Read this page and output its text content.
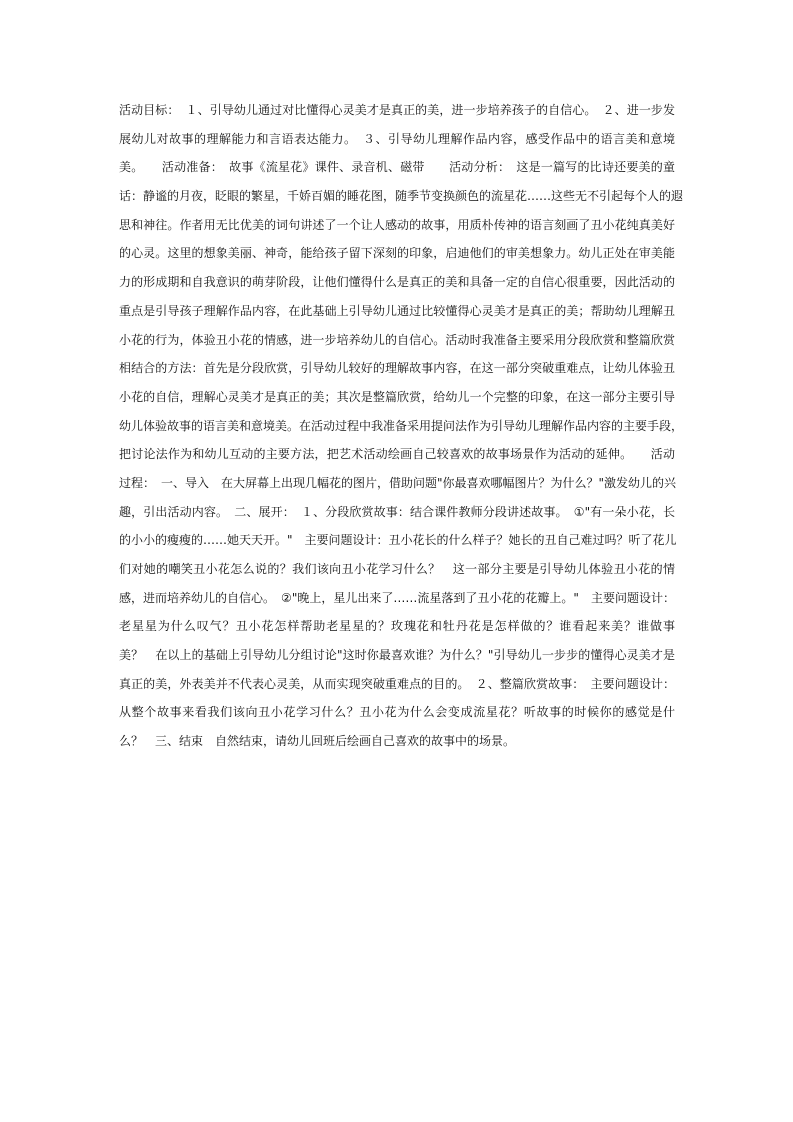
活动目标：　１、引导幼儿通过对比懂得心灵美才是真正的美，进一步培养孩子的自信心。　２、进一步发
展幼儿对故事的理解能力和言语表达能力。　３、引导幼儿理解作品内容，感受作品中的语言美和意境
美。　　活动准备：　故事《流星花》课件、录音机、磁带　　活动分析：　这是一篇写的比诗还要美的童
话：静谧的月夜，眨眼的繁星，千娇百媚的睡花图，随季节变换颜色的流星花……这些无不引起每个人的遐
思和神往。作者用无比优美的词句讲述了一个让人感动的故事，用质朴传神的语言刻画了丑小花纯真美好
的心灵。这里的想象美丽、神奇，能给孩子留下深刻的印象，启迪他们的审美想象力。幼儿正处在审美能
力的形成期和自我意识的萌芽阶段，让他们懂得什么是真正的美和具备一定的自信心很重要，因此活动的
重点是引导孩子理解作品内容，在此基础上引导幼儿通过比较懂得心灵美才是真正的美；帮助幼儿理解丑
小花的行为，体验丑小花的情感，进一步培养幼儿的自信心。活动时我准备主要采用分段欣赏和整篇欣赏
相结合的方法：首先是分段欣赏，引导幼儿较好的理解故事内容，在这一部分突破重难点，让幼儿体验丑
小花的自信，理解心灵美才是真正的美；其次是整篇欣赏，给幼儿一个完整的印象，在这一部分主要引导
幼儿体验故事的语言美和意境美。在活动过程中我准备采用提问法作为引导幼儿理解作品内容的主要手段，
把讨论法作为和幼儿互动的主要方法，把艺术活动绘画自己较喜欢的故事场景作为活动的延伸。　　活动
过程：　一、导入　在大屏幕上出现几幅花的图片，借助问题"你最喜欢哪幅图片？为什么？"激发幼儿的兴
趣，引出活动内容。　二、展开：　１、分段欣赏故事：结合课件教师分段讲述故事。　①"有一朵小花，长
的小小的瘦瘦的……她天天开。"　主要问题设计：丑小花长的什么样子？她长的丑自己难过吗？听了花儿
们对她的嘲笑丑小花怎么说的？我们该向丑小花学习什么？　这一部分主要是引导幼儿体验丑小花的情
感，进而培养幼儿的自信心。　②"晚上，星儿出来了……流星落到了丑小花的花瓣上。"　主要问题设计：
老星星为什么叹气？丑小花怎样帮助老星星的？玫瑰花和牡丹花是怎样做的？谁看起来美？谁做事
美？　在以上的基础上引导幼儿分组讨论"这时你最喜欢谁？为什么？"引导幼儿一步步的懂得心灵美才是
真正的美，外表美并不代表心灵美，从而实现突破重难点的目的。　２、整篇欣赏故事：　主要问题设计：
从整个故事来看我们该向丑小花学习什么？丑小花为什么会变成流星花？听故事的时候你的感觉是什
么？　三、结束　自然结束，请幼儿回班后绘画自己喜欢的故事中的场景。
